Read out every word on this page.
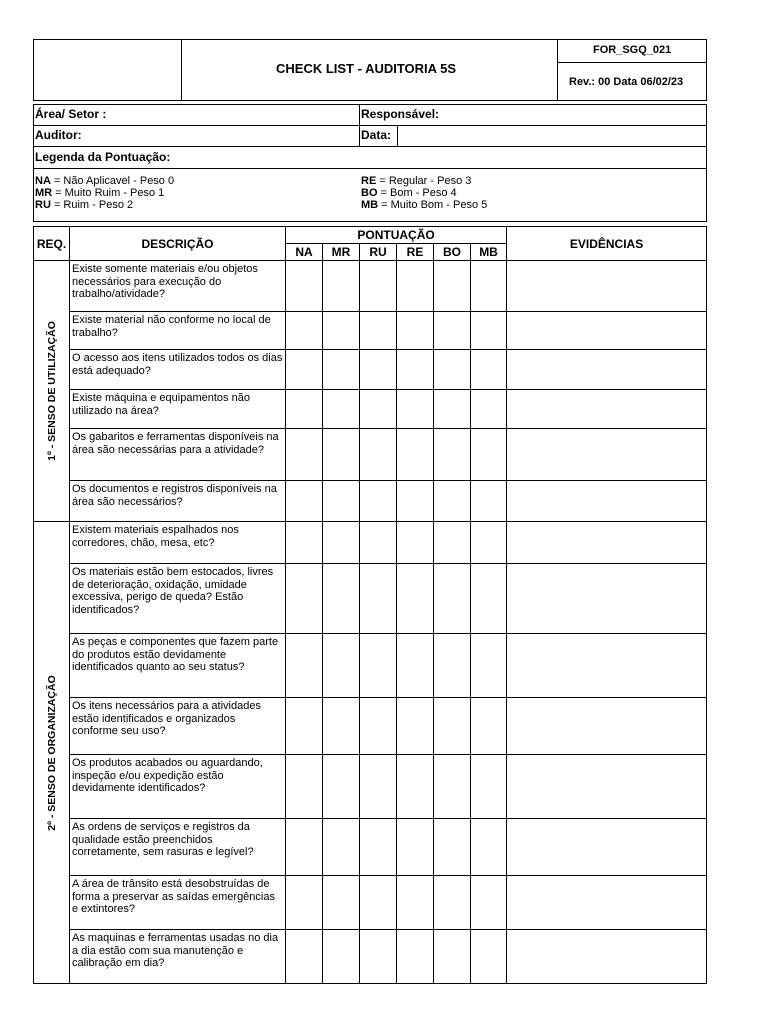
CHECK LIST - AUDITORIA 5S
FOR_SGQ_021
Rev.: 00 Data 06/02/23
Área/ Setor :	Responsável:
Auditor:	Data:
Legenda da Pontuação:
NA = Não Aplicavel - Peso 0
MR = Muito Ruim - Peso 1
RU = Ruim - Peso 2
RE = Regular - Peso 3
BO = Bom - Peso 4
MB = Muito Bom - Peso 5
REQ.	DESCRIÇÃO	PONTUAÇÃO						EVIDÊNCIAS
		NA	MR	RU	RE	BO	MB	

1º - SENSO DE UTILIZAÇÃO	Existe somente materiais e/ou objetos necessários para execução do trabalho/atividade?							
	Existe material não conforme no local de trabalho?							
	O acesso aos itens utilizados todos os dias está adequado?							
	Existe máquina e equipamentos não utilizado na área?							
	Os gabaritos e ferramentas disponíveis na área são necessárias para a atividade?							
	Os documentos e registros disponíveis na área são necessários?							

2º - SENSO DE ORGANIZAÇÃO	Existem materiais espalhados nos corredores, chão, mesa, etc?							
	Os materiais estão bem estocados, livres de deterioração, oxidação, umidade excessiva, perigo de queda? Estão identificados?							
	As peças e componentes que fazem parte do produtos estão devidamente identificados quanto ao seu status?							
	Os itens necessários para a atividades estão identificados e organizados conforme seu uso?							
	Os produtos acabados ou aguardando, inspeção e/ou expedição estão devidamente identificados?							
	As ordens de serviços e registros da qualidade estão preenchidos corretamente, sem rasuras e legível?							
	A área de trânsito está desobstruídas de forma a preservar as saídas emergências e extintores?							
	As maquinas e ferramentas usadas no dia a dia estão com sua manutenção e calibração em dia?							
